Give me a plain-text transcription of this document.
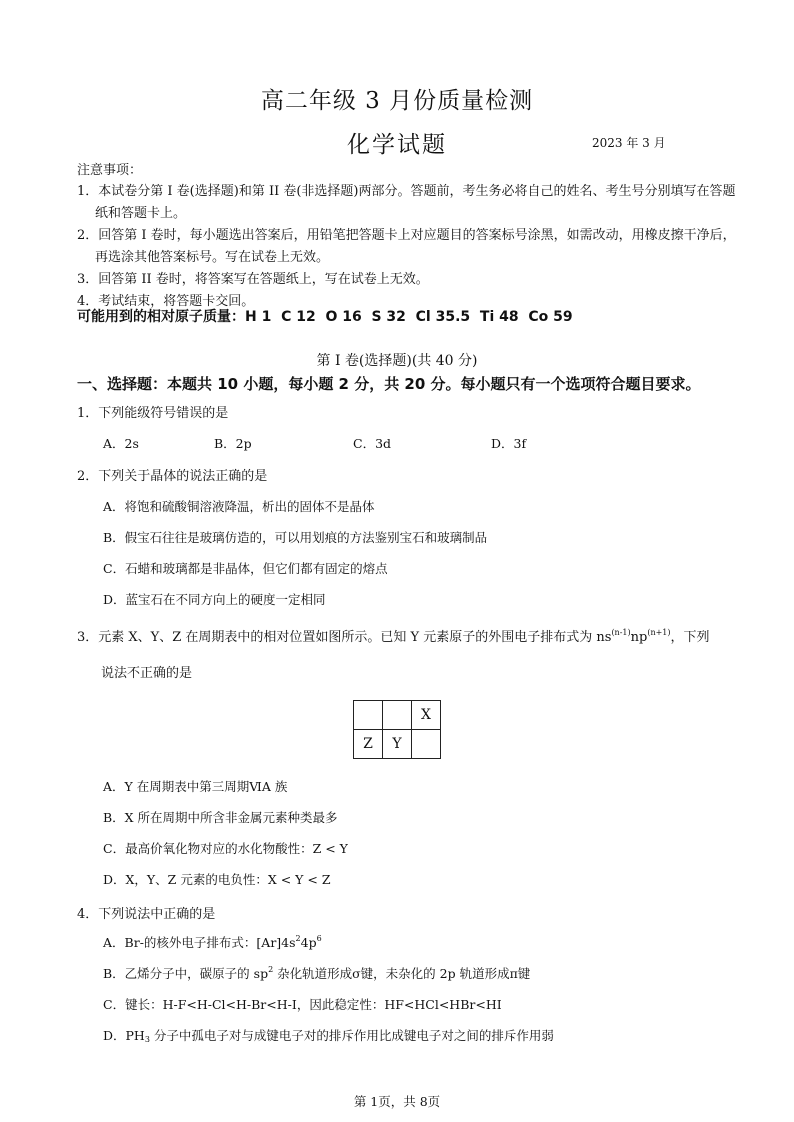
高二年级 3 月份质量检测
化学试题	2023 年 3 月
注意事项：
1．本试卷分第 I 卷(选择题)和第 II 卷(非选择题)两部分。答题前，考生务必将自己的姓名、考生号分别填写在答题纸和答题卡上。
2．回答第 I 卷时，每小题选出答案后，用铅笔把答题卡上对应题目的答案标号涂黑，如需改动，用橡皮擦干净后，再选涂其他答案标号。写在试卷上无效。
3．回答第 II 卷时，将答案写在答题纸上，写在试卷上无效。
4．考试结束，将答题卡交回。
可能用到的相对原子质量：H 1  C 12  O 16  S 32  Cl 35.5  Ti 48  Co 59
第 I 卷(选择题)(共 40 分)
一、选择题：本题共 10 小题，每小题 2 分，共 20 分。每小题只有一个选项符合题目要求。
1．下列能级符号错误的是
A．2s	B．2p	C．3d	D．3f
2．下列关于晶体的说法正确的是
A．将饱和硫酸铜溶液降温，析出的固体不是晶体
B．假宝石往往是玻璃仿造的，可以用划痕的方法鉴别宝石和玻璃制品
C．石蜡和玻璃都是非晶体，但它们都有固定的熔点
D．蓝宝石在不同方向上的硬度一定相同
3．元素 X、Y、Z 在周期表中的相对位置如图所示。已知 Y 元素原子的外围电子排布式为 $ns^{(n-1)}np^{(n+1)}$，下列
说法不正确的是
		X
Z	Y	
A．Y 在周期表中第三周期ⅥA 族
B．X 所在周期中所含非金属元素种类最多
C．最高价氧化物对应的水化物酸性：Z < Y
D．X，Y、Z 元素的电负性：X < Y < Z
4．下列说法中正确的是
A．Br-的核外电子排布式：$[Ar]4s^24p^6$
B．乙烯分子中，碳原子的 $sp^2$ 杂化轨道形成σ键，未杂化的 2p 轨道形成π键
C．键长：H-F<H-Cl<H-Br<H-I，因此稳定性：HF<HCl<HBr<HI
D．$PH_3$ 分子中孤电子对与成键电子对的排斥作用比成键电子对之间的排斥作用弱
第 1页，共 8页
